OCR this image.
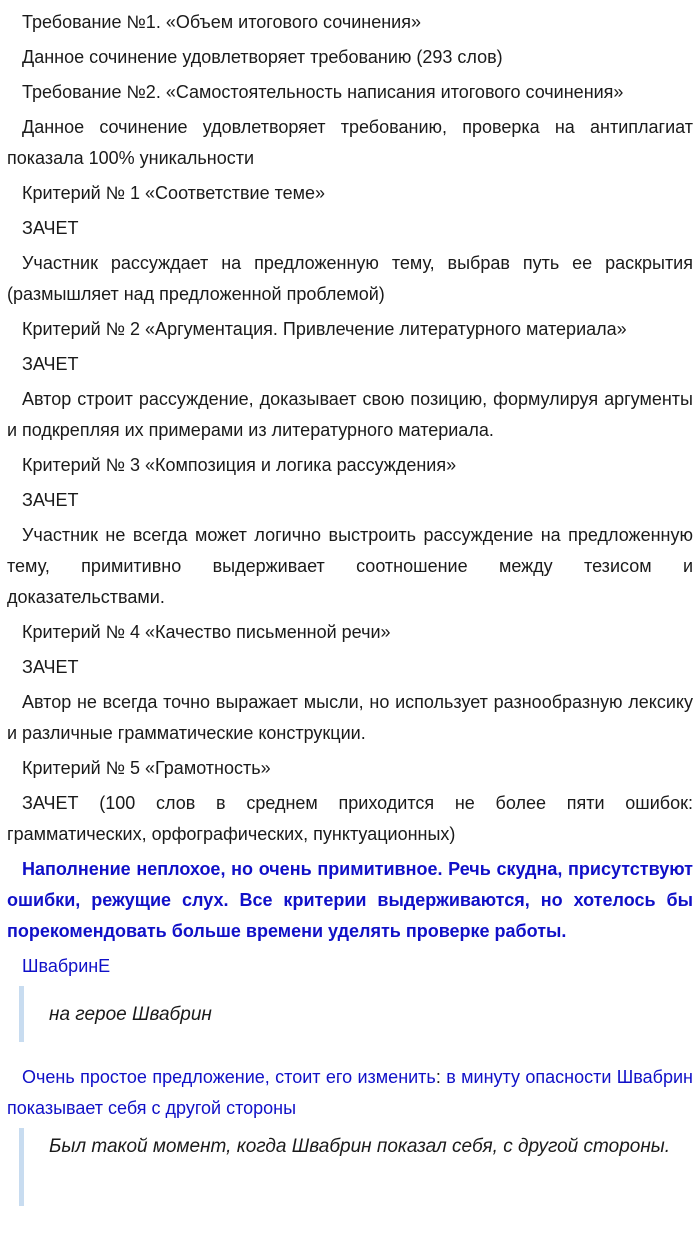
Требование №1. «Объем итогового сочинения»

Данное сочинение удовлетворяет требованию (293 слов)

Требование №2. «Самостоятельность написания итогового сочинения»

Данное сочинение удовлетворяет требованию, проверка на антиплагиат показала 100% уникальности

Критерий № 1 «Соответствие теме»

ЗАЧЕТ

Участник рассуждает на предложенную тему, выбрав путь ее раскрытия (размышляет над предложенной проблемой)

Критерий № 2 «Аргументация. Привлечение литературного материала»

ЗАЧЕТ

Автор строит рассуждение, доказывает свою позицию, формулируя аргументы и подкрепляя их примерами из литературного материала.

Критерий № 3 «Композиция и логика рассуждения»

ЗАЧЕТ

Участник не всегда может логично выстроить рассуждение на предложенную тему, примитивно выдерживает соотношение между тезисом и доказательствами.

Критерий № 4 «Качество письменной речи»

ЗАЧЕТ

Автор не всегда точно выражает мысли, но использует разнообразную лексику и различные грамматические конструкции.

Критерий № 5 «Грамотность»

ЗАЧЕТ (100 слов в среднем приходится не более пяти ошибок: грамматических, орфографических, пунктуационных)

Наполнение неплохое, но очень примитивное. Речь скудна, присутствуют ошибки, режущие слух. Все критерии выдерживаются, но хотелось бы порекомендовать больше времени уделять проверке работы.

ШвабринЕ

на герое Швабрин

Очень простое предложение, стоит его изменить: в минуту опасности Швабрин показывает себя с другой стороны

Был такой момент, когда Швабрин показал себя, с другой стороны.
